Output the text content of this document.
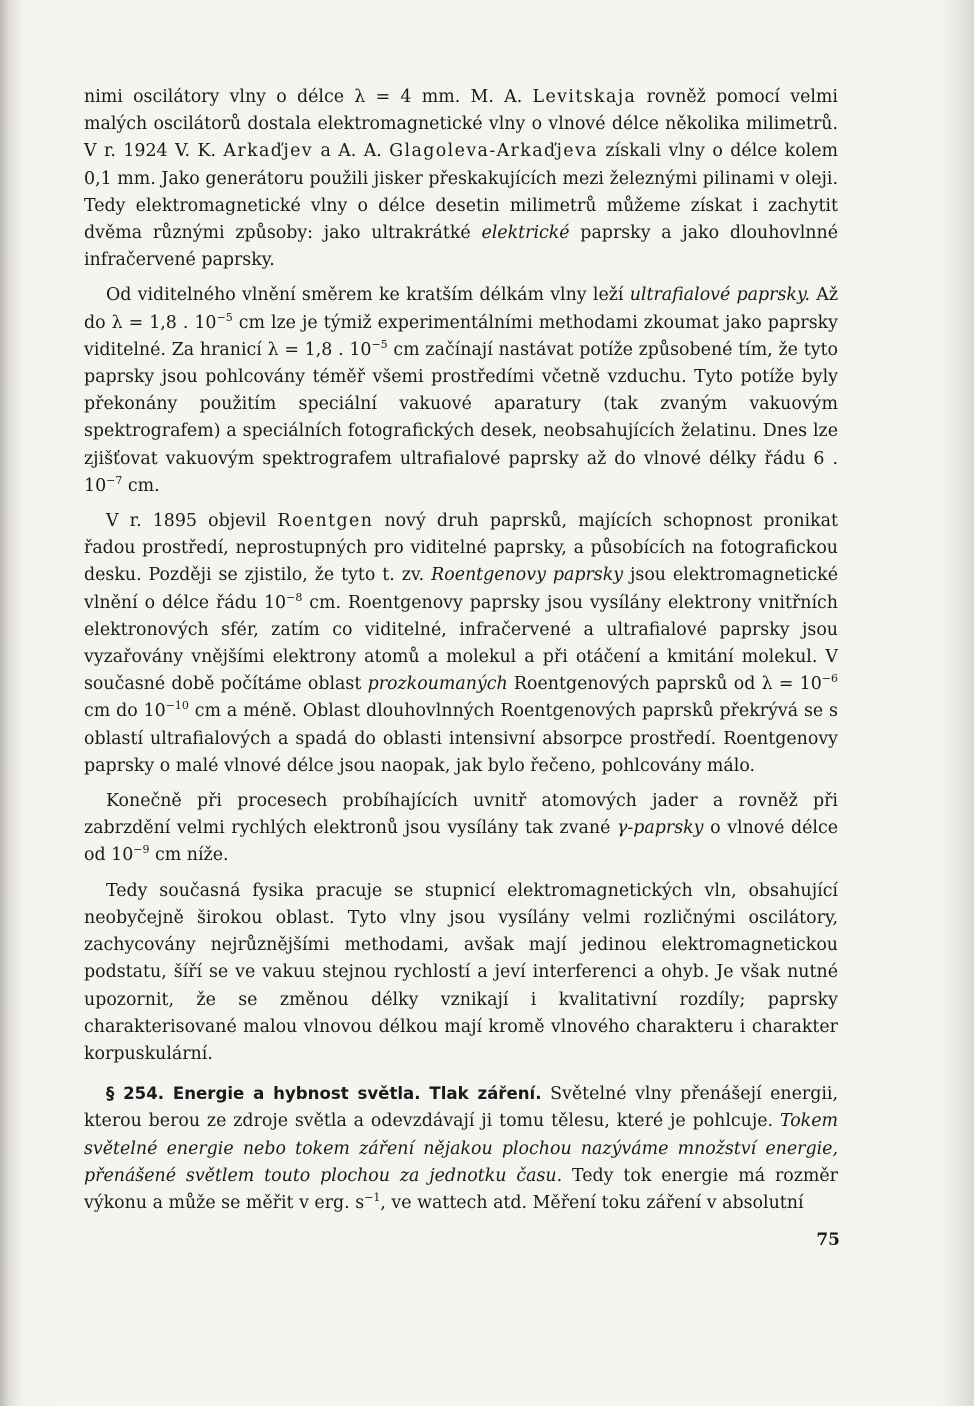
nimi oscilátory vlny o délce λ = 4 mm. M. A. Levitskaja rovněž pomocí velmi malých oscilátorů dostala elektromagnetické vlny o vlnové délce několika milimetrů. V r. 1924 V. K. Arkaďjev a A. A. Glagoleva-Arkaďjeva získali vlny o délce kolem 0,1 mm. Jako generátoru použili jisker přeskakujících mezi železnými pilinami v oleji. Tedy elektromagnetické vlny o délce desetin milimetrů můžeme získat i zachytit dvěma různými způsoby: jako ultrakrátké elektrické paprsky a jako dlouhovlnné infračervené paprsky.

Od viditelného vlnění směrem ke kratším délkám vlny leží ultrafialové paprsky. Až do λ = 1,8 . $10^{-5}$ cm lze je týmiž experimentálními methodami zkoumat jako paprsky viditelné. Za hranicí λ = 1,8 . $10^{-5}$ cm začínají nastávat potíže způsobené tím, že tyto paprsky jsou pohlcovány téměř všemi prostředími včetně vzduchu. Tyto potíže byly překonány použitím speciální vakuové aparatury (tak zvaným vakuovým spektrografem) a speciálních fotografických desek, neobsahujících želatinu. Dnes lze zjišťovat vakuovým spektrografem ultrafialové paprsky až do vlnové délky řádu 6 . $10^{-7}$ cm.

V r. 1895 objevil Roentgen nový druh paprsků, majících schopnost pronikat řadou prostředí, neprostupných pro viditelné paprsky, a působících na fotografickou desku. Později se zjistilo, že tyto t. zv. Roentgenovy paprsky jsou elektromagnetické vlnění o délce řádu $10^{-8}$ cm. Roentgenovy paprsky jsou vysílány elektrony vnitřních elektronových sfér, zatím co viditelné, infračervené a ultrafialové paprsky jsou vyzařovány vnějšími elektrony atomů a molekul a při otáčení a kmitání molekul. V současné době počítáme oblast prozkoumaných Roentgenových paprsků od $\lambda = 10^{-6}$ cm do $10^{-10}$ cm a méně. Oblast dlouhovlnných Roentgenových paprsků překrývá se s oblastí ultrafialových a spadá do oblasti intensivní absorpce prostředí. Roentgenovy paprsky o malé vlnové délce jsou naopak, jak bylo řečeno, pohlcovány málo.

Konečně při procesech probíhajících uvnitř atomových jader a rovněž při zabrzdění velmi rychlých elektronů jsou vysílány tak zvané γ-paprsky o vlnové délce od $10^{-9}$ cm níže.

Tedy současná fysika pracuje se stupnicí elektromagnetických vln, obsahující neobyčejně širokou oblast. Tyto vlny jsou vysílány velmi rozličnými oscilátory, zachycovány nejrůznějšími methodami, avšak mají jedinou elektromagnetickou podstatu, šíří se ve vakuu stejnou rychlostí a jeví interferenci a ohyb. Je však nutné upozornit, že se změnou délky vznikají i kvalitativní rozdíly; paprsky charakterisované malou vlnovou délkou mají kromě vlnového charakteru i charakter korpuskulární.

§ 254. Energie a hybnost světla. Tlak záření. Světelné vlny přenášejí energii, kterou berou ze zdroje světla a odevzdávají ji tomu tělesu, které je pohlcuje. Tokem světelné energie nebo tokem záření nějakou plochou nazýváme množství energie, přenášené světlem touto plochou za jednotku času. Tedy tok energie má rozměr výkonu a může se měřit v erg. $s^{-1}$, ve wattech atd. Měření toku záření v absolutní

75
